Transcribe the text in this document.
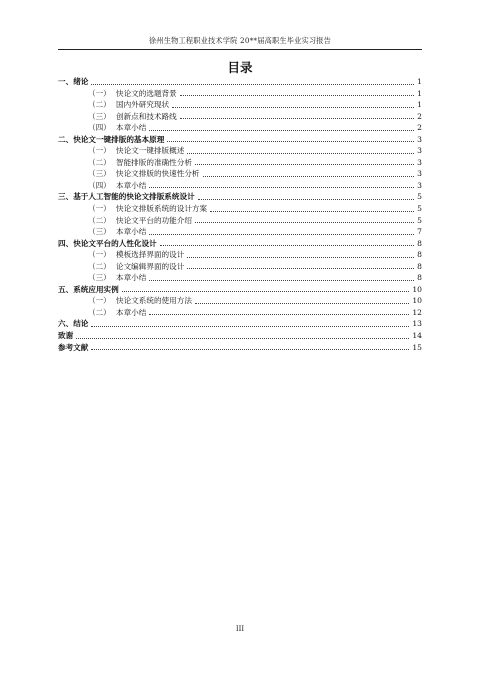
徐州生物工程职业技术学院 20**届高职生毕业实习报告
目录
一、 绪论	1
（一） 快论文的选题背景	1
（二） 国内外研究现状	1
（三） 创新点和技术路线	2
（四） 本章小结	2
二、 快论文一键排版的基本原理	3
（一） 快论文一键排版概述	3
（二） 智能排版的准确性分析	3
（三） 快论文排版的快速性分析	3
（四） 本章小结	3
三、 基于人工智能的快论文排版系统设计	5
（一） 快论文排版系统的设计方案	5
（二） 快论文平台的功能介绍	5
（三） 本章小结	7
四、 快论文平台的人性化设计	8
（一） 模板选择界面的设计	8
（二） 论文编辑界面的设计	8
（三） 本章小结	8
五、 系统应用实例	10
（一） 快论文系统的使用方法	10
（二） 本章小结	12
六、 结论	13
致谢	14
参考文献	15
III
